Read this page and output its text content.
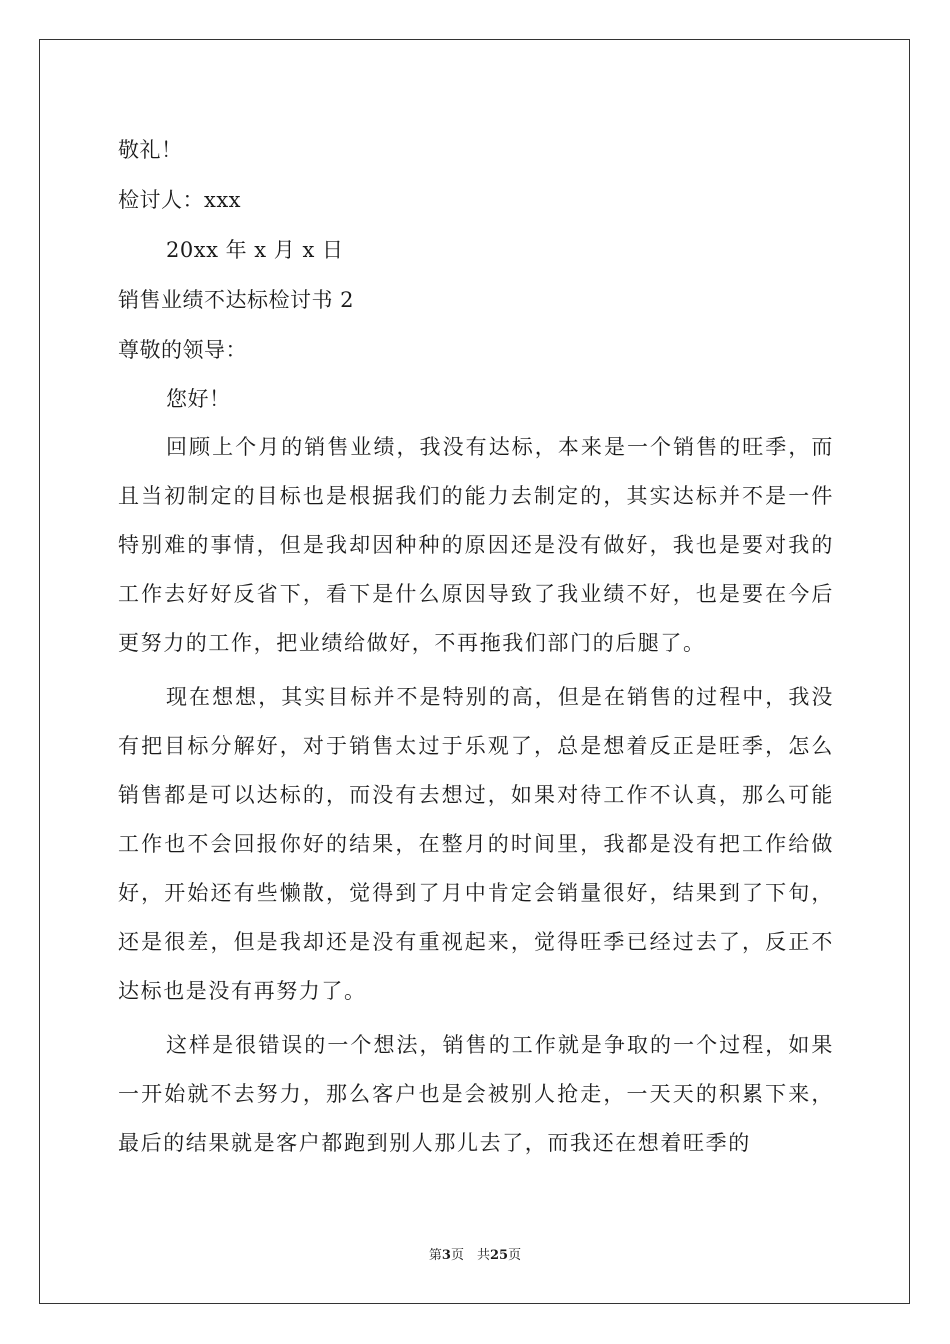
敬礼！
检讨人：xxx
20xx 年 x 月 x 日
销售业绩不达标检讨书 2
尊敬的领导：
您好！

回顾上个月的销售业绩，我没有达标，本来是一个销售的旺季，而且当初制定的目标也是根据我们的能力去制定的，其实达标并不是一件特别难的事情，但是我却因种种的原因还是没有做好，我也是要对我的工作去好好反省下，看下是什么原因导致了我业绩不好，也是要在今后更努力的工作，把业绩给做好，不再拖我们部门的后腿了。

现在想想，其实目标并不是特别的高，但是在销售的过程中，我没有把目标分解好，对于销售太过于乐观了，总是想着反正是旺季，怎么销售都是可以达标的，而没有去想过，如果对待工作不认真，那么可能工作也不会回报你好的结果，在整月的时间里，我都是没有把工作给做好，开始还有些懒散，觉得到了月中肯定会销量很好，结果到了下旬，还是很差，但是我却还是没有重视起来，觉得旺季已经过去了，反正不达标也是没有再努力了。

这样是很错误的一个想法，销售的工作就是争取的一个过程，如果一开始就不去努力，那么客户也是会被别人抢走，一天天的积累下来，最后的结果就是客户都跑到别人那儿去了，而我还在想着旺季的

第3页　共25页
